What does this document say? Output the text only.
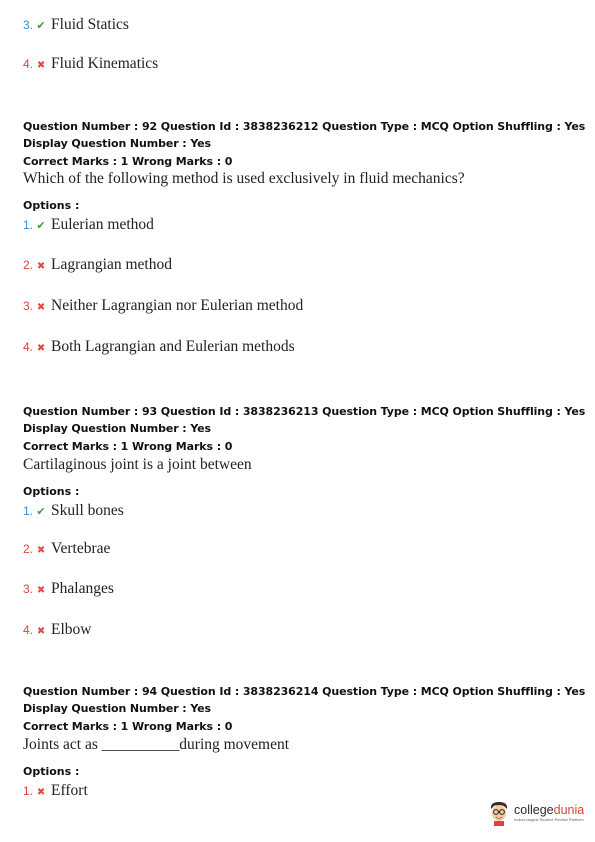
3. ✔ Fluid Statics
4. ✖ Fluid Kinematics
Question Number : 92 Question Id : 3838236212 Question Type : MCQ Option Shuffling : Yes
Display Question Number : Yes
Correct Marks : 1 Wrong Marks : 0
Which of the following method is used exclusively in fluid mechanics?
Options :
1. ✔ Eulerian method
2. ✖ Lagrangian method
3. ✖ Neither Lagrangian nor Eulerian method
4. ✖ Both Lagrangian and Eulerian methods
Question Number : 93 Question Id : 3838236213 Question Type : MCQ Option Shuffling : Yes
Display Question Number : Yes
Correct Marks : 1 Wrong Marks : 0
Cartilaginous joint is a joint between
Options :
1. ✔ Skull bones
2. ✖ Vertebrae
3. ✖ Phalanges
4. ✖ Elbow
Question Number : 94 Question Id : 3838236214 Question Type : MCQ Option Shuffling : Yes
Display Question Number : Yes
Correct Marks : 1 Wrong Marks : 0
Joints act as __________during movement
Options :
1. ✖ Effort
collegedunia
India's largest Student Review Platform
